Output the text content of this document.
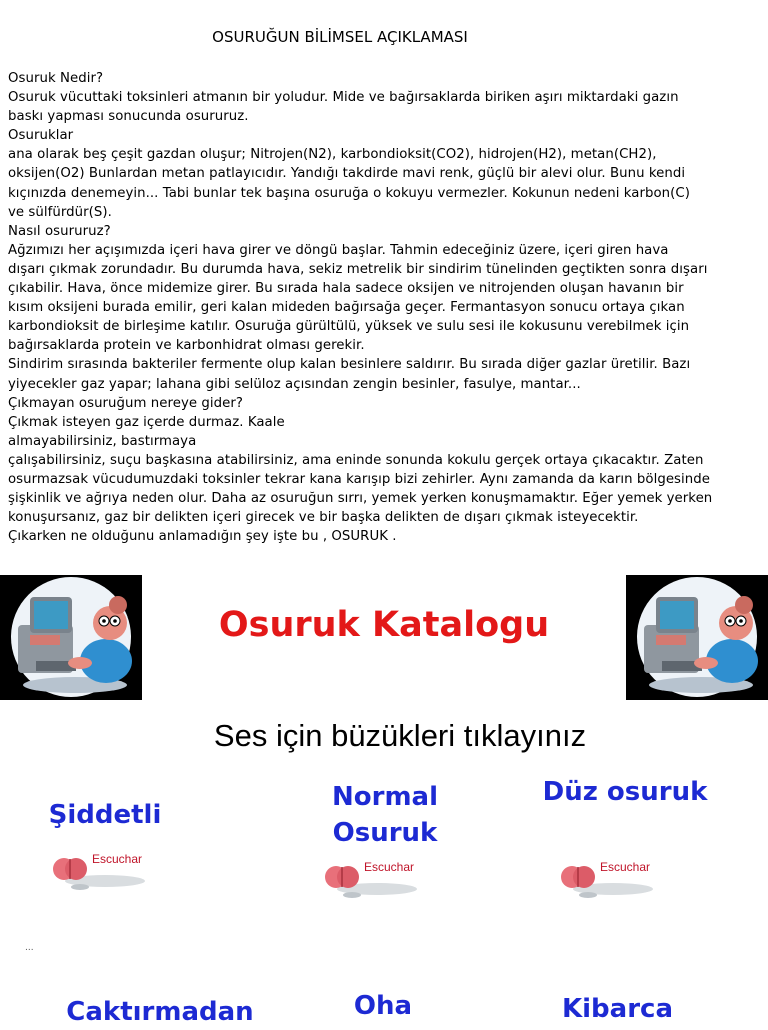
OSURUĞUN BİLİMSEL AÇIKLAMASI
Osuruk Nedir?
Osuruk vücuttaki toksinleri atmanın bir yoludur. Mide ve bağırsaklarda biriken aşırı miktardaki gazın
baskı yapması sonucunda osururuz.
Osuruklar
ana olarak beş çeşit gazdan oluşur; Nitrojen(N2), karbondioksit(CO2), hidrojen(H2), metan(CH2),
oksijen(O2) Bunlardan metan patlayıcıdır. Yandığı takdirde mavi renk, güçlü bir alevi olur. Bunu kendi
kıçınızda denemeyin... Tabi bunlar tek başına osuruğa o kokuyu vermezler. Kokunun nedeni karbon(C)
ve sülfürdür(S).
Nasıl osururuz?
Ağzımızı her açışımızda içeri hava girer ve döngü başlar. Tahmin edeceğiniz üzere, içeri giren hava
dışarı çıkmak zorundadır. Bu durumda hava, sekiz metrelik bir sindirim tünelinden geçtikten sonra dışarı
çıkabilir. Hava, önce midemize girer. Bu sırada hala sadece oksijen ve nitrojenden oluşan havanın bir
kısım oksijeni burada emilir, geri kalan mideden bağırsağa geçer. Fermantasyon sonucu ortaya çıkan
karbondioksit de birleşime katılır. Osuruğa gürültülü, yüksek ve sulu sesi ile kokusunu verebilmek için
bağırsaklarda protein ve karbonhidrat olması gerekir.
Sindirim sırasında bakteriler fermente olup kalan besinlere saldırır. Bu sırada diğer gazlar üretilir. Bazı
yiyecekler gaz yapar; lahana gibi selüloz açısından zengin besinler, fasulye, mantar...
Çıkmayan osuruğum nereye gider?
Çıkmak isteyen gaz içerde durmaz. Kaale
almayabilirsiniz, bastırmaya
çalışabilirsiniz, suçu başkasına atabilirsiniz, ama eninde sonunda kokulu gerçek ortaya çıkacaktır. Zaten
osurmazsak vücudumuzdaki toksinler tekrar kana karışıp bizi zehirler. Aynı zamanda da karın bölgesinde
şişkinlik ve ağrıya neden olur. Daha az osuruğun sırrı, yemek yerken konuşmamaktır. Eğer yemek yerken
konuşursanız, gaz bir delikten içeri girecek ve bir başka delikten de dışarı çıkmak isteyecektir.
Çıkarken ne olduğunu anlamadığın şey işte bu , OSURUK .
Osuruk Katalogu
Ses için büzükleri tıklayınız
Şiddetli
Escuchar
Normal
Osuruk
Escuchar
Düz osuruk
Escuchar
...
Caktırmadan	Oha	Kibarca
